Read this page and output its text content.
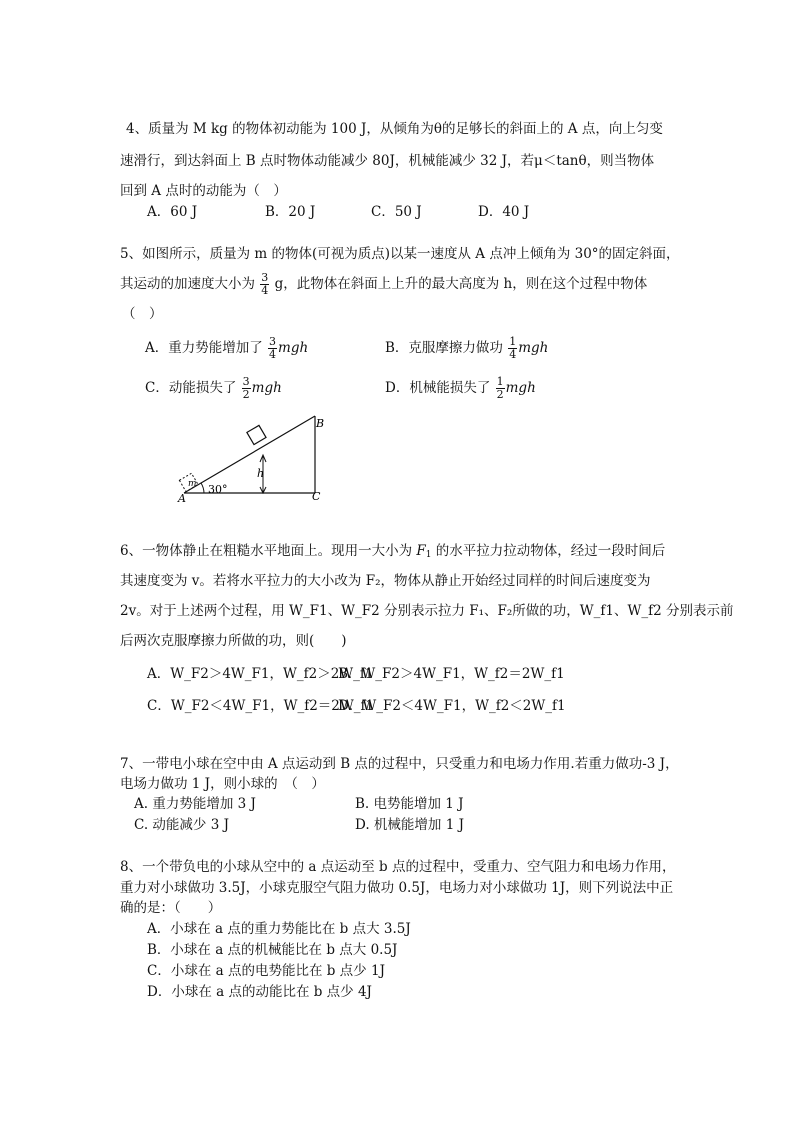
4、质量为 M kg 的物体初动能为 100 J，从倾角为θ的足够长的斜面上的 A 点，向上匀变
速滑行，到达斜面上 B 点时物体动能减少 80J，机械能减少 32 J，若μ＜tanθ，则当物体
回到 A 点时的动能为（　）
A．60 J	B．20 J	C．50 J	D．40 J
5、如图所示，质量为 m 的物体(可视为质点)以某一速度从 A 点冲上倾角为 30°的固定斜面，
其运动的加速度大小为 $\frac{3}{4}$ g，此物体在斜面上上升的最大高度为 h，则在这个过程中物体
（　）
A．重力势能增加了 $\frac{3}{4}$ mgh	B．克服摩擦力做功 $\frac{1}{4}$ mgh
C．动能损失了 $\frac{3}{2}$ mgh	D．机械能损失了 $\frac{1}{2}$ mgh
A
B
C
h
m 30°
6、一物体静止在粗糙水平地面上。现用一大小为 $F_1$ 的水平拉力拉动物体，经过一段时间后
其速度变为 v。若将水平拉力的大小改为 F₂，物体从静止开始经过同样的时间后速度变为
2v。对于上述两个过程，用 W_F1、W_F2 分别表示拉力 F₁、F₂所做的功，W_f1、W_f2 分别表示前
后两次克服摩擦力所做的功，则(　　)
A．W_F2＞4W_F1，W_f2＞2W_f1
B．W_F2＞4W_F1，W_f2＝2W_f1
C．W_F2＜4W_F1，W_f2＝2W_f1
D．W_F2＜4W_F1，W_f2＜2W_f1
7、一带电小球在空中由 A 点运动到 B 点的过程中，只受重力和电场力作用.若重力做功-3 J，
电场力做功 1 J，则小球的　（　）
A. 重力势能增加 3 J	B. 电势能增加 1 J
C. 动能减少 3 J	D. 机械能增加 1 J
8、一个带负电的小球从空中的 a 点运动至 b 点的过程中，受重力、空气阻力和电场力作用，
重力对小球做功 3.5J，小球克服空气阻力做功 0.5J，电场力对小球做功 1J，则下列说法中正
确的是：（　　）
A．小球在 a 点的重力势能比在 b 点大 3.5J
B．小球在 a 点的机械能比在 b 点大 0.5J
C．小球在 a 点的电势能比在 b 点少 1J
D．小球在 a 点的动能比在 b 点少 4J
